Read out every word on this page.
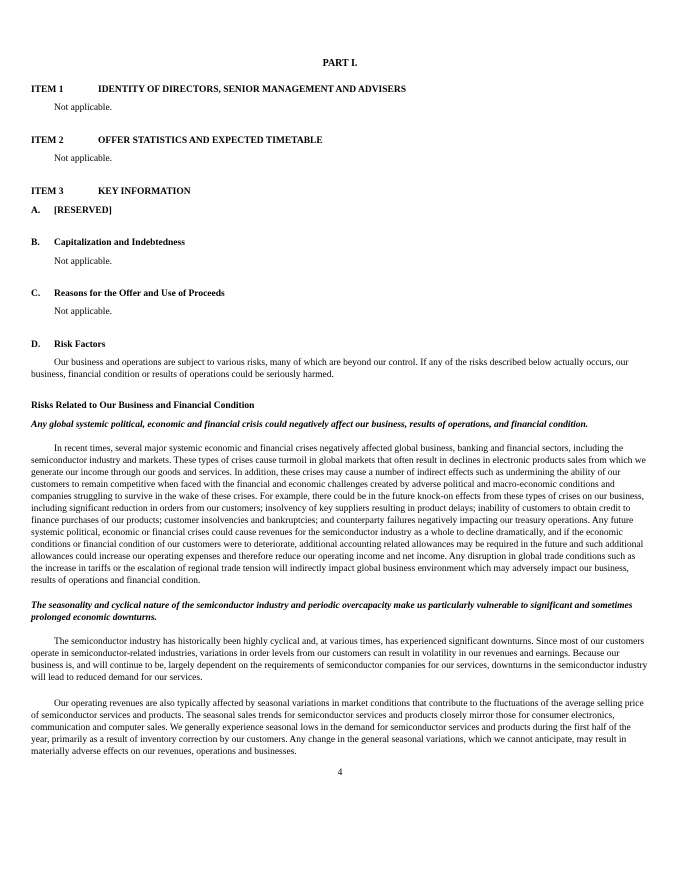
PART I.
ITEM 1	IDENTITY OF DIRECTORS, SENIOR MANAGEMENT AND ADVISERS
Not applicable.
ITEM 2	OFFER STATISTICS AND EXPECTED TIMETABLE
Not applicable.
ITEM 3	KEY INFORMATION
A. [RESERVED]
B. Capitalization and Indebtedness
Not applicable.
C. Reasons for the Offer and Use of Proceeds
Not applicable.
D. Risk Factors

Our business and operations are subject to various risks, many of which are beyond our control. If any of the risks described below actually occurs, our business, financial condition or results of operations could be seriously harmed.

Risks Related to Our Business and Financial Condition

Any global systemic political, economic and financial crisis could negatively affect our business, results of operations, and financial condition.

In recent times, several major systemic economic and financial crises negatively affected global business, banking and financial sectors, including the semiconductor industry and markets. These types of crises cause turmoil in global markets that often result in declines in electronic products sales from which we generate our income through our goods and services. In addition, these crises may cause a number of indirect effects such as undermining the ability of our customers to remain competitive when faced with the financial and economic challenges created by adverse political and macro-economic conditions and companies struggling to survive in the wake of these crises. For example, there could be in the future knock-on effects from these types of crises on our business, including significant reduction in orders from our customers; insolvency of key suppliers resulting in product delays; inability of customers to obtain credit to finance purchases of our products; customer insolvencies and bankruptcies; and counterparty failures negatively impacting our treasury operations. Any future systemic political, economic or financial crises could cause revenues for the semiconductor industry as a whole to decline dramatically, and if the economic conditions or financial condition of our customers were to deteriorate, additional accounting related allowances may be required in the future and such additional allowances could increase our operating expenses and therefore reduce our operating income and net income. Any disruption in global trade conditions such as the increase in tariffs or the escalation of regional trade tension will indirectly impact global business environment which may adversely impact our business, results of operations and financial condition.

The seasonality and cyclical nature of the semiconductor industry and periodic overcapacity make us particularly vulnerable to significant and sometimes prolonged economic downturns.

The semiconductor industry has historically been highly cyclical and, at various times, has experienced significant downturns. Since most of our customers operate in semiconductor-related industries, variations in order levels from our customers can result in volatility in our revenues and earnings. Because our business is, and will continue to be, largely dependent on the requirements of semiconductor companies for our services, downturns in the semiconductor industry will lead to reduced demand for our services.

Our operating revenues are also typically affected by seasonal variations in market conditions that contribute to the fluctuations of the average selling price of semiconductor services and products. The seasonal sales trends for semiconductor services and products closely mirror those for consumer electronics, communication and computer sales. We generally experience seasonal lows in the demand for semiconductor services and products during the first half of the year, primarily as a result of inventory correction by our customers. Any change in the general seasonal variations, which we cannot anticipate, may result in materially adverse effects on our revenues, operations and businesses.

4
